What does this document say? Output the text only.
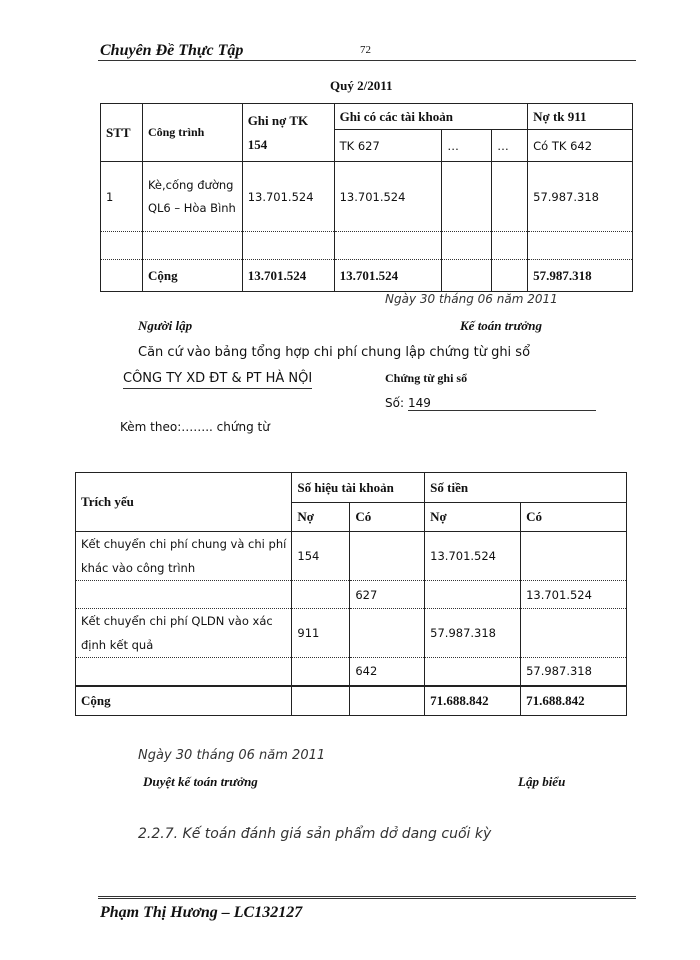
Chuyên Đề Thực Tập	72
Quý 2/2011
STT	Công trình	Ghi nợ TK 154	Ghi có các tài khoản			Nợ tk 911
			TK 627	…	…	Có TK 642
1	Kè,cống đường QL6 – Hòa Bình	13.701.524	13.701.524			57.987.318

	Cộng	13.701.524	13.701.524			57.987.318
Ngày 30 tháng 06 năm 2011
Người lập	Kế toán trưởng
Căn cứ vào bảng tổng hợp chi phí chung lập chứng từ ghi sổ
CÔNG TY XD ĐT & PT HÀ NỘI	Chứng từ ghi sổ
Số: 149
Kèm theo:…….. chứng từ
Trích yếu	Số hiệu tài khoản		Số tiền	
	Nợ	Có	Nợ	Có
Kết chuyển chi phí chung và chi phí khác vào công trình	154		13.701.524	
		627		13.701.524
Kết chuyển chi phí QLDN vào xác định kết quả	911		57.987.318	
		642		57.987.318
Cộng			71.688.842	71.688.842
Ngày 30 tháng 06 năm 2011
Duyệt kế toán trưởng	Lập biểu
2.2.7. Kế toán đánh giá sản phẩm dở dang cuối kỳ
Phạm Thị Hương – LC132127
